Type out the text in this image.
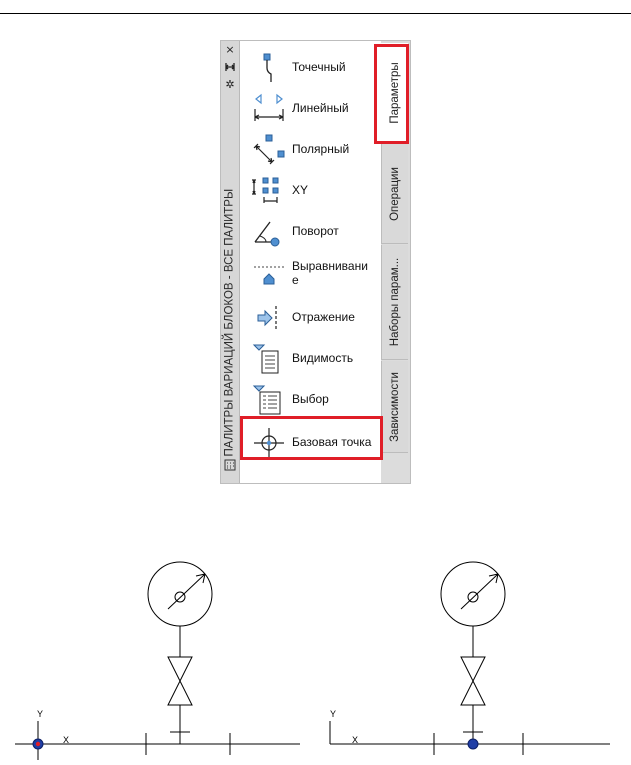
×
✲
ПАЛИТРЫ ВАРИАЦИЙ БЛОКОВ - ВСЕ ПАЛИТРЫ
Точечный
Линейный
Полярный
XY
Поворот
Выравнивание
Отражение
Видимость
Выбор
Базовая точка
Параметры
Операции
Наборы парам...
Зависимости
Y
X
Y
X
